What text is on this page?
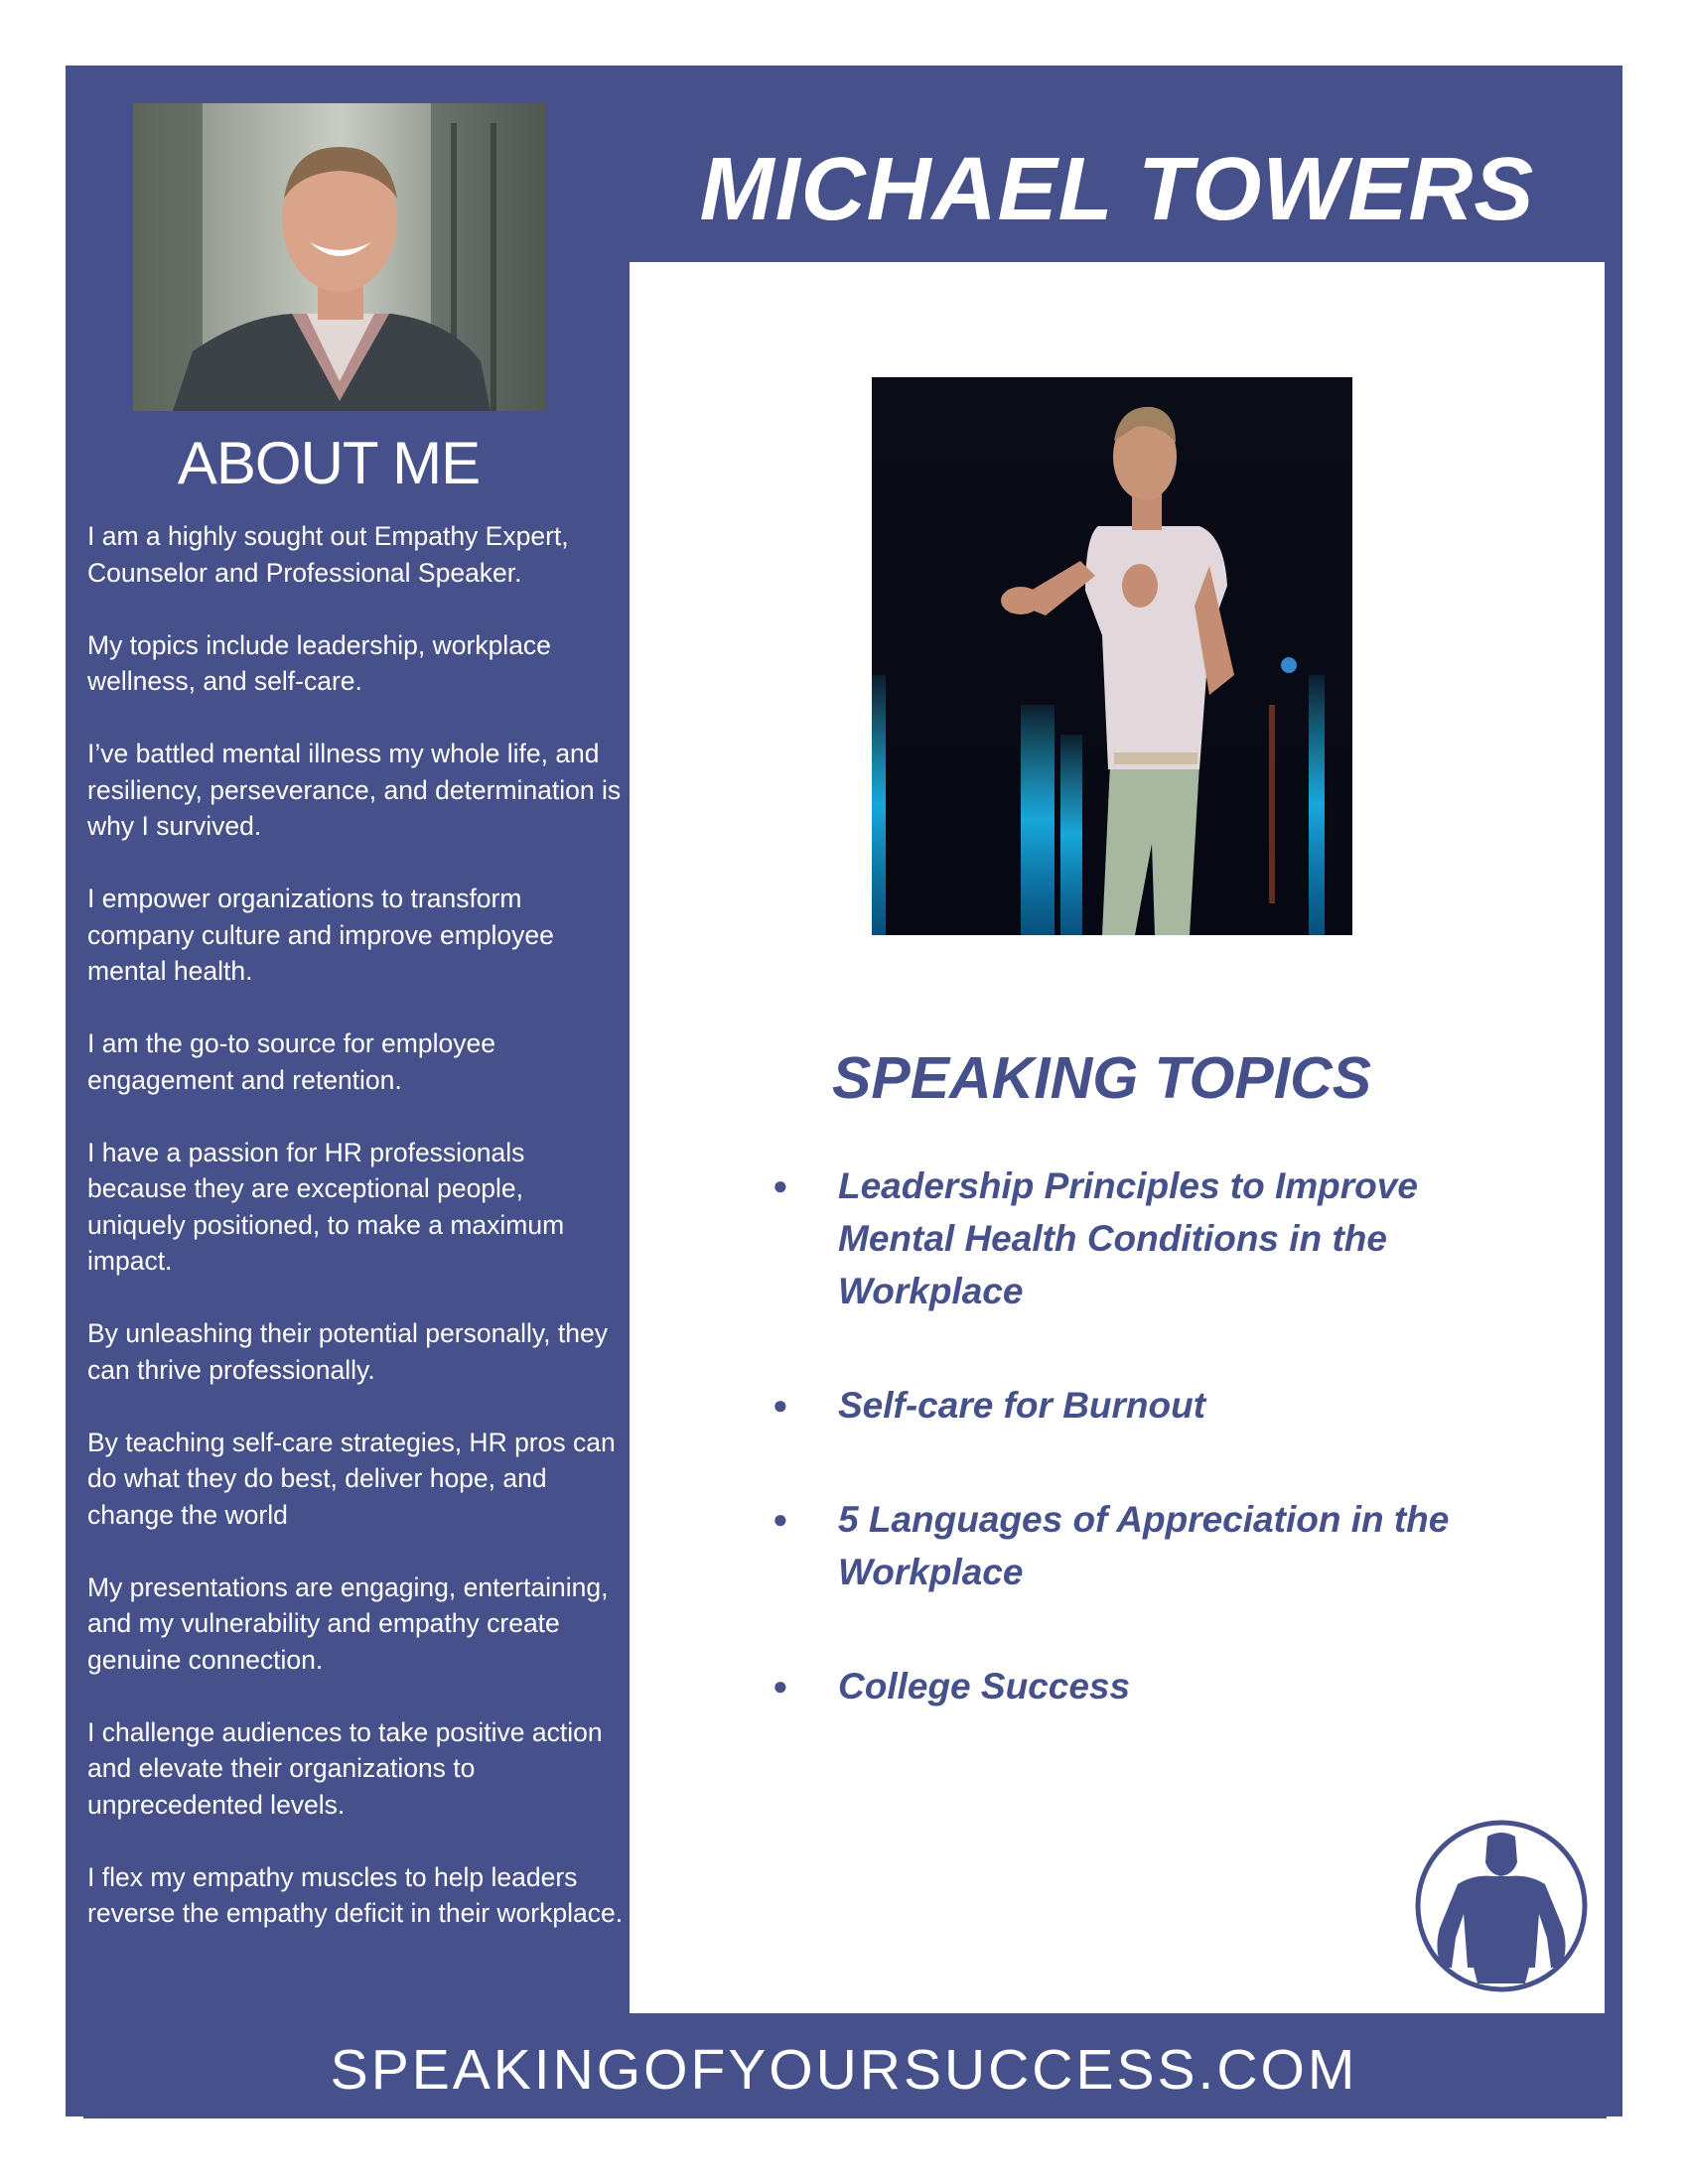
ABOUT ME

I am a highly sought out Empathy Expert, Counselor and Professional Speaker.

My topics include leadership, workplace wellness, and self-care.

I’ve battled mental illness my whole life, and resiliency, perseverance, and determination is why I survived.

I empower organizations to transform company culture and improve employee mental health.

I am the go-to source for employee engagement and retention.

I have a passion for HR professionals because they are exceptional people, uniquely positioned, to make a maximum impact.

By unleashing their potential personally, they can thrive professionally.

By teaching self-care strategies, HR pros can do what they do best, deliver hope, and change the world

My presentations are engaging, entertaining, and my vulnerability and empathy create genuine connection.

I challenge audiences to take positive action and elevate their organizations to unprecedented levels.

I flex my empathy muscles to help leaders reverse the empathy deficit in their workplace.

MICHAEL TOWERS
SPEAKING TOPICS
● Leadership Principles to Improve Mental Health Conditions in the Workplace
● Self-care for Burnout
● 5 Languages of Appreciation in the Workplace
● College Success
SPEAKINGOFYOURSUCCESS.COM
